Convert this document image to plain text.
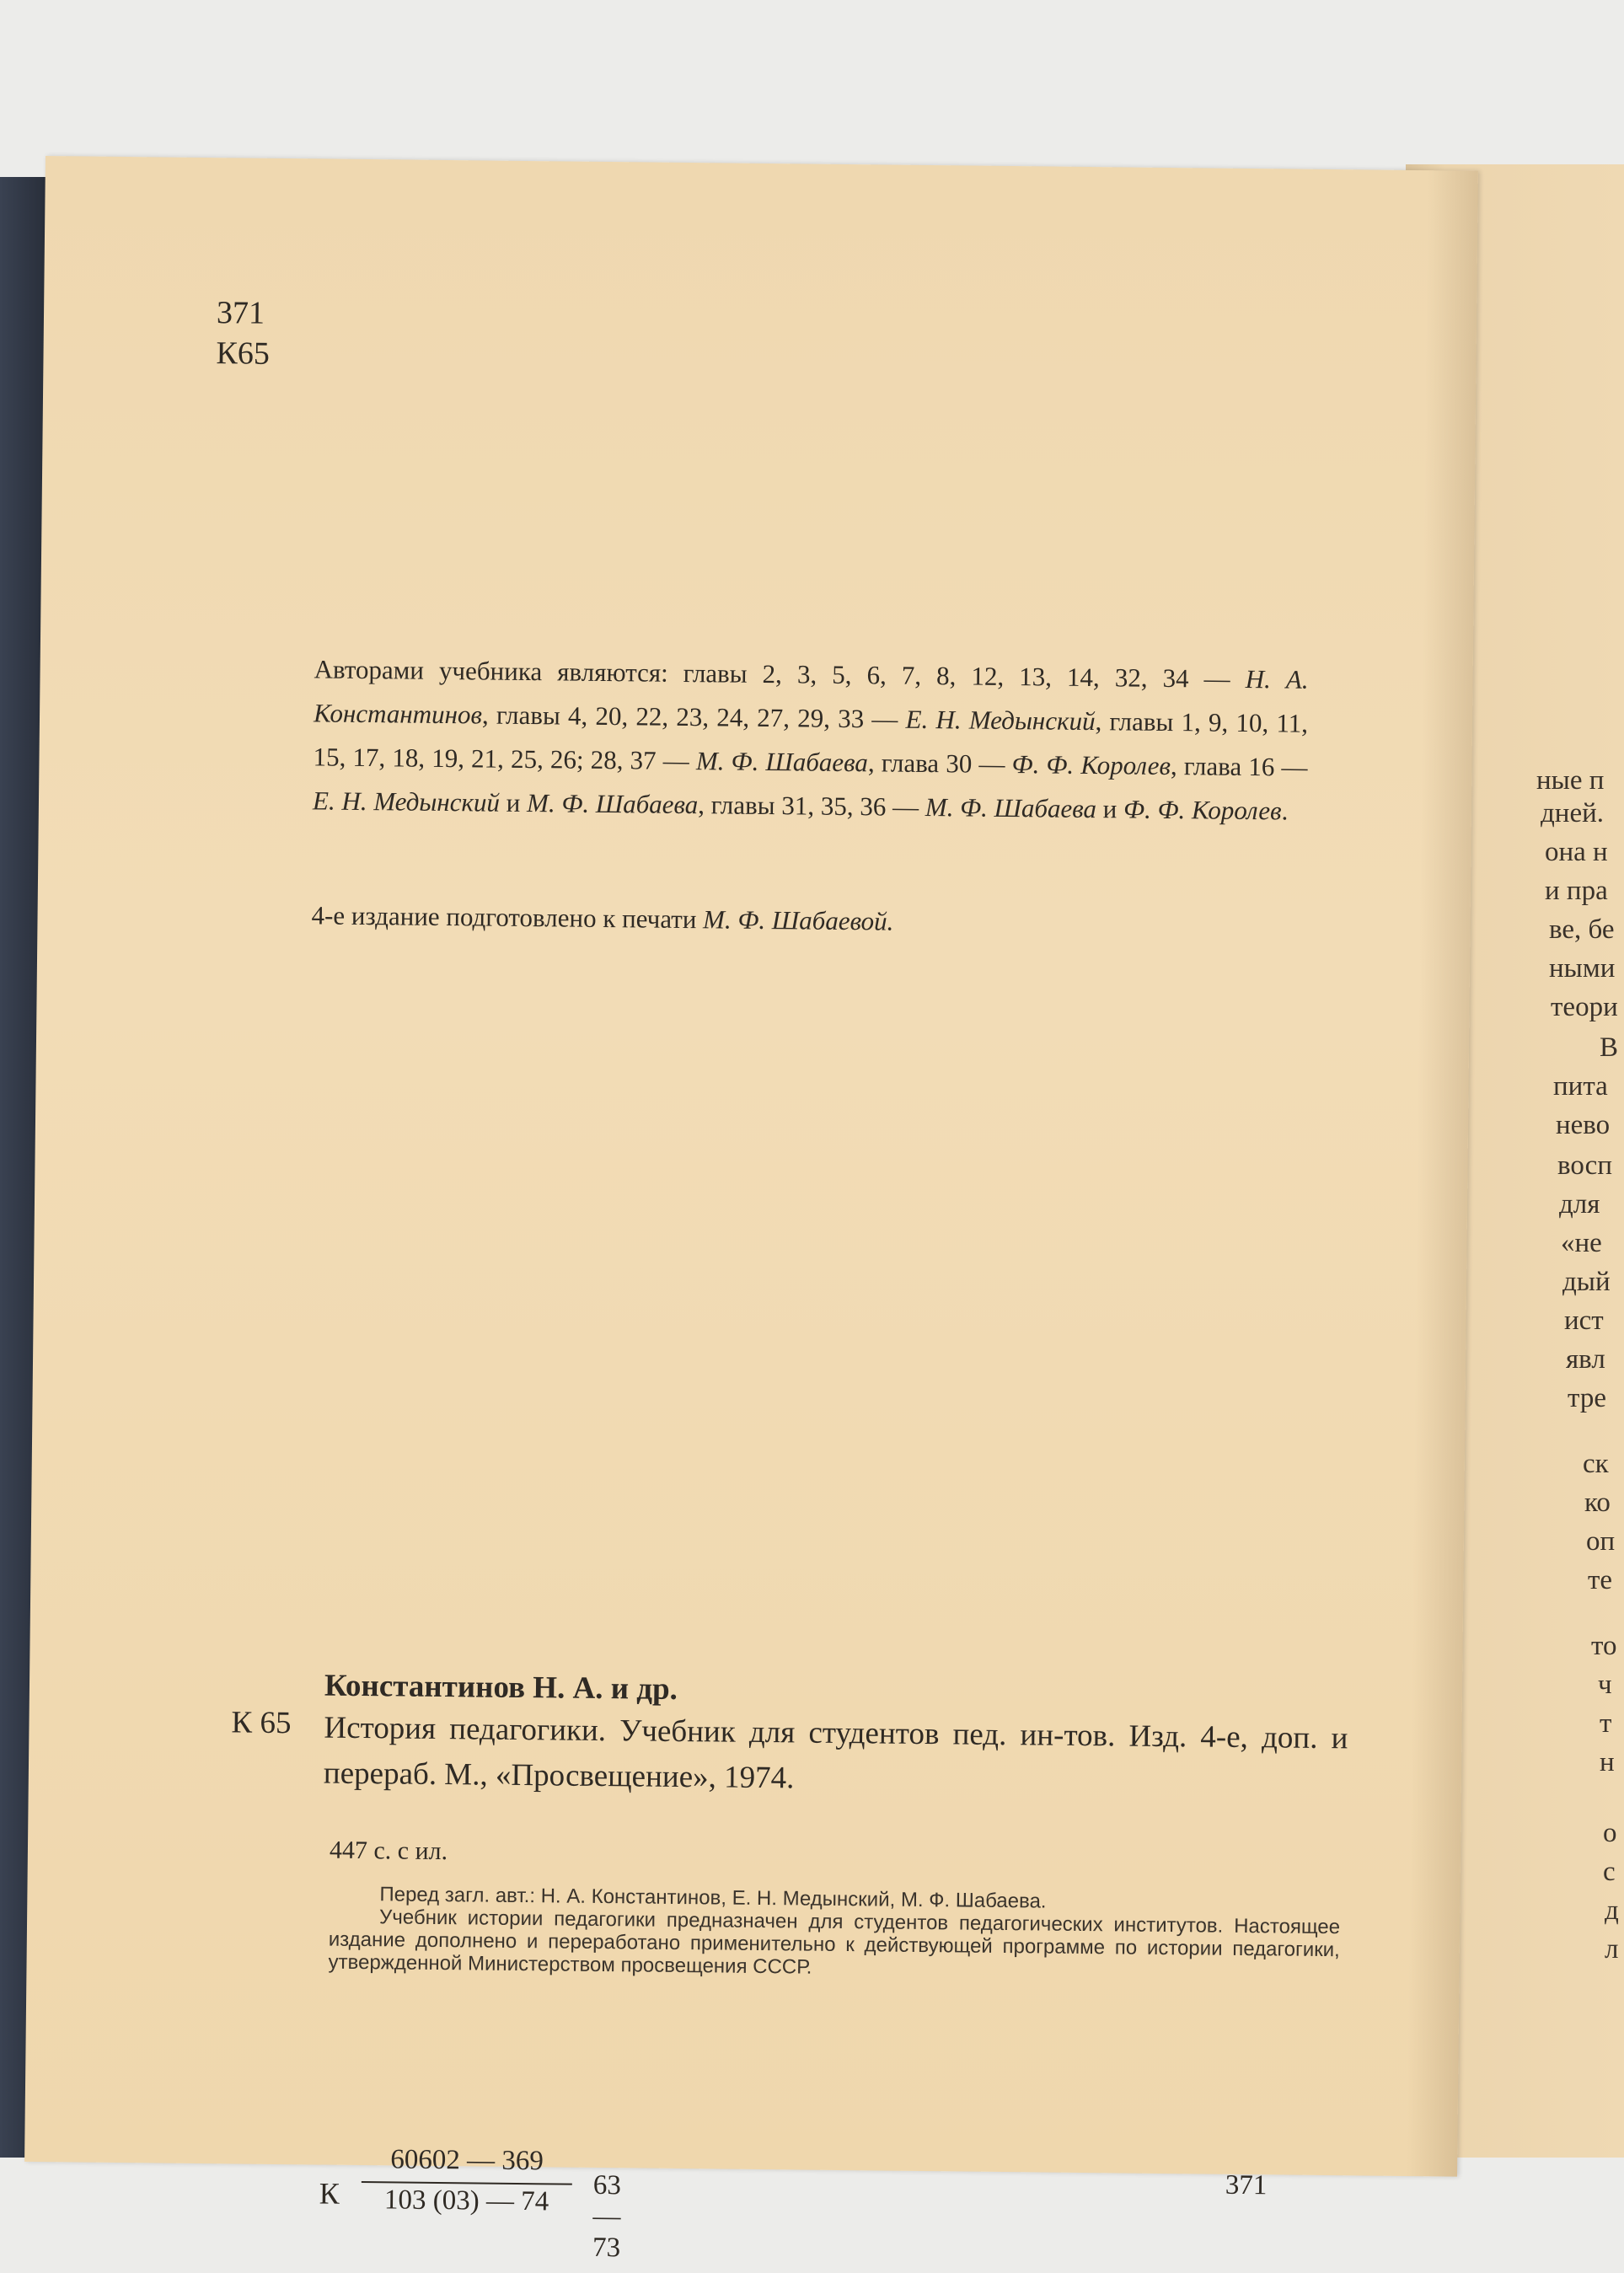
ные п
дней.
она н
и пра
ве, бе
ными
теори
В
пита
нево
восп
для
«не
дый
ист
явл
тре
ск
ко
оп
те
то
ч
т
н
о
с
д
л
371
К65
Авторами учебника являются: главы 2, 3, 5, 6, 7, 8, 12, 13, 14, 32, 34 — Н. А. Константинов, главы 4, 20, 22, 23, 24, 27, 29, 33 — Е. Н. Медынский, главы 1, 9, 10, 11, 15, 17, 18, 19, 21, 25, 26; 28, 37 — М. Ф. Шабаева, глава 30 — Ф. Ф. Королев, глава 16 — Е. Н. Медынский и М. Ф. Шабаева, главы 31, 35, 36 — М. Ф. Шабаева и Ф. Ф. Королев.
4-е издание подготовлено к печати М. Ф. Шабаевой.
Константинов Н. А. и др.
К 65 История педагогики. Учебник для студентов пед. ин-тов. Изд. 4-е, доп. и перераб. М., «Просвещение», 1974.
447 с. с ил.

Перед загл. авт.: Н. А. Константинов, Е. Н. Медынский, М. Ф. Шабаева.

Учебник истории педагогики предназначен для студентов педагогических институтов. Настоящее издание дополнено и переработано применительно к действующей программе по истории педагогики, утвержденной Министерством просвещения СССР.

К
60602 — 369
103 (03) — 74	63 — 73
371
